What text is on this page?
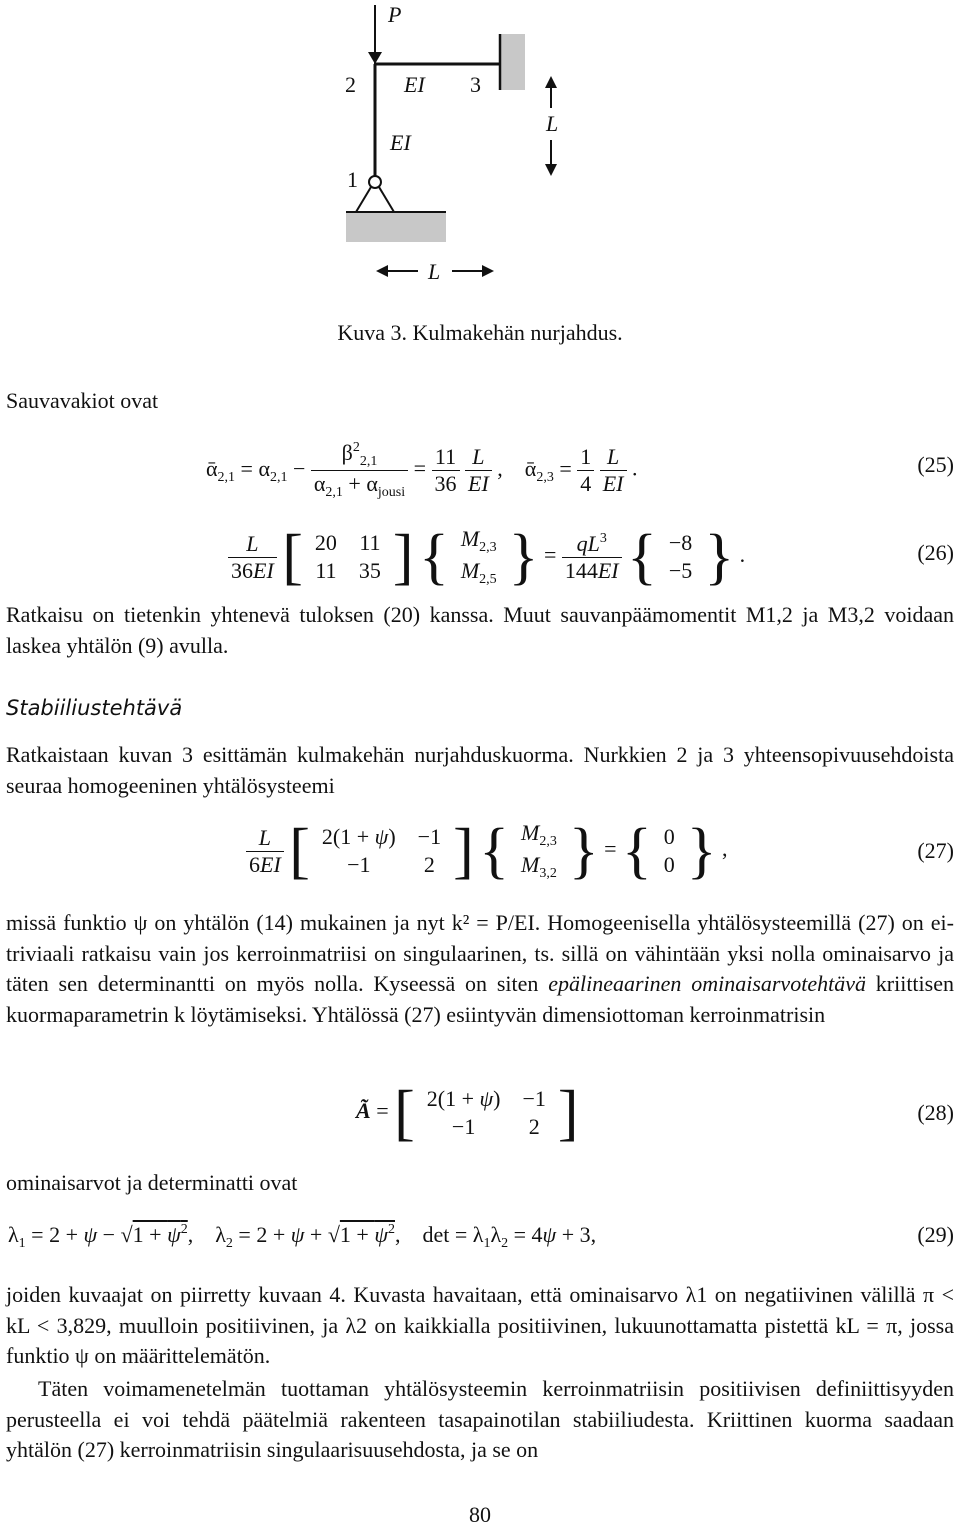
P
2 EI 3
L
EI
1
L
Kuva 3. Kulmakehän nurjahdus.
Sauvavakiot ovat
ᾱ$_{2,1}$ = $\alpha_{2,1} - \frac{\beta^2_{2,1}}{\alpha_{2,1} + \alpha_{jousi}} = \frac{11}{36}$
$\frac{L}{EI}$ ,    ᾱ$_{2,3}$ = $\frac{1}{4}$
$\frac{L}{EI}$ .	(25)
$\frac{L}{36EI}$ [ 20	11
11	35 ] { $M_{2,3}$
$M_{2,5}$ } = $\frac{qL^3}{144EI}$ { −8
−5 } .	(26)
Ratkaisu on tietenkin yhtenevä tuloksen (20) kanssa. Muut sauvanpäämomentit M1,2 ja M3,2 voidaan laskea yhtälön (9) avulla.
Stabiiliustehtävä
Ratkaistaan kuvan 3 esittämän kulmakehän nurjahduskuorma. Nurkkien 2 ja 3 yhteensopivuusehdoista seuraa homogeeninen yhtälösysteemi
$\frac{L}{6EI}$ [ 2(1 + ψ)	−1
−1	2 ] { $M_{2,3}$
$M_{3,2}$ } = { 0
0 } ,	(27)
missä funktio ψ on yhtälön (14) mukainen ja nyt k² = P/EI. Homogeenisella yhtälösysteemillä (27) on ei-triviaali ratkaisu vain jos kerroinmatriisi on singulaarinen, ts. sillä on vähintään yksi nolla ominaisarvo ja täten sen determinantti on myös nolla. Kyseessä on siten epälineaarinen ominaisarvotehtävä kriittisen kuormaparametrin k löytämiseksi. Yhtälössä (27) esiintyvän dimensiottoman kerroinmatrisin
Ã = [ 2(1 + ψ)	−1
−1	2 ]	(28)
ominaisarvot ja determinatti ovat
$\lambda_1 = 2 + \psi - √1 + \psi^2$,    $\lambda_2 = 2 + \psi + √1 + \psi^2$,    $\det = \lambda_1\lambda_2 = 4\psi + 3$,	(29)
joiden kuvaajat on piirretty kuvaan 4. Kuvasta havaitaan, että ominaisarvo λ1 on negatiivinen välillä π < kL < 3,829, muulloin positiivinen, ja λ2 on kaikkialla positiivinen, lukuunottamatta pistettä kL = π, jossa funktio ψ on määrittelemätön.
Täten voimamenetelmän tuottaman yhtälösysteemin kerroinmatriisin positiivisen definiittisyyden perusteella ei voi tehdä päätelmiä rakenteen tasapainotilan stabiiliudesta. Kriittinen kuorma saadaan yhtälön (27) kerroinmatriisin singulaarisuusehdosta, ja se on
80
